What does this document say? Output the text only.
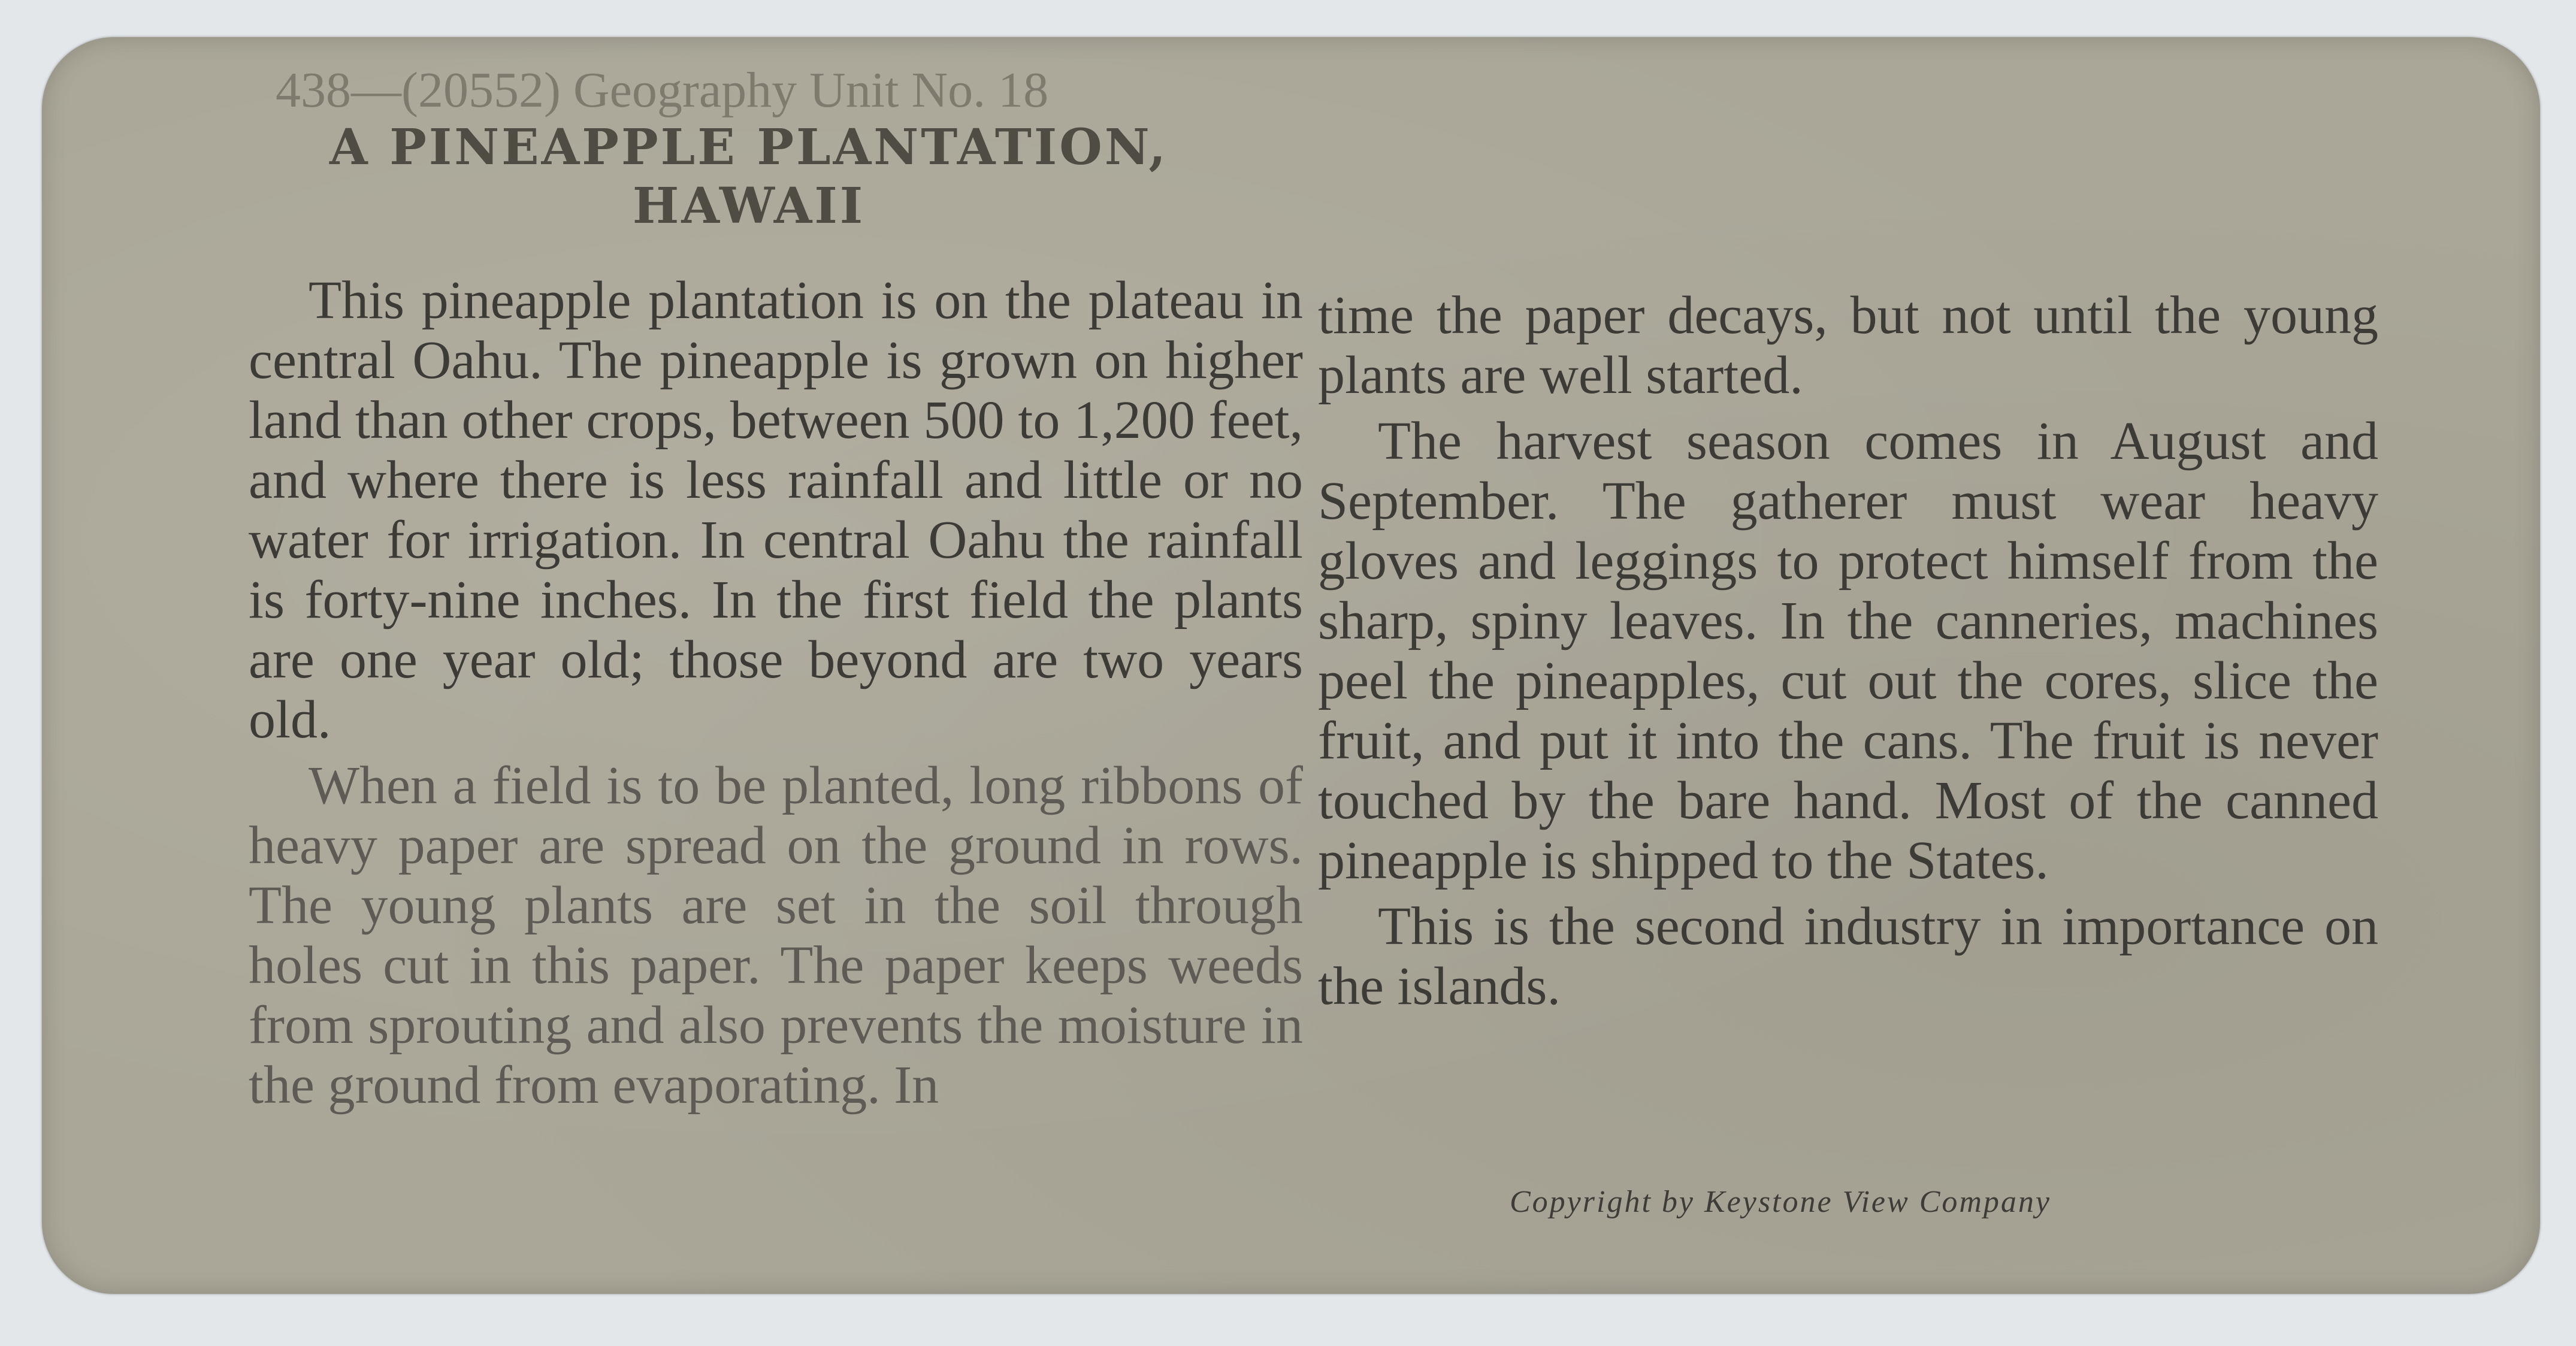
438—(20552) Geography Unit No. 18
A PINEAPPLE PLANTATION,
HAWAII

This pineapple plantation is on the plateau in central Oahu. The pineapple is grown on higher land than other crops, between 500 to 1,200 feet, and where there is less rainfall and little or no water for irrigation. In central Oahu the rainfall is forty-nine inches. In the first field the plants are one year old; those beyond are two years old.

When a field is to be planted, long ribbons of heavy paper are spread on the ground in rows. The young plants are set in the soil through holes cut in this paper. The paper keeps weeds from sprouting and also prevents the moisture in the ground from evaporating. In

time the paper decays, but not until the young plants are well started.

The harvest season comes in August and September. The gatherer must wear heavy gloves and leggings to protect himself from the sharp, spiny leaves. In the canneries, machines peel the pineapples, cut out the cores, slice the fruit, and put it into the cans. The fruit is never touched by the bare hand. Most of the canned pineapple is shipped to the States.

This is the second industry in importance on the islands.

Copyright by Keystone View Company
